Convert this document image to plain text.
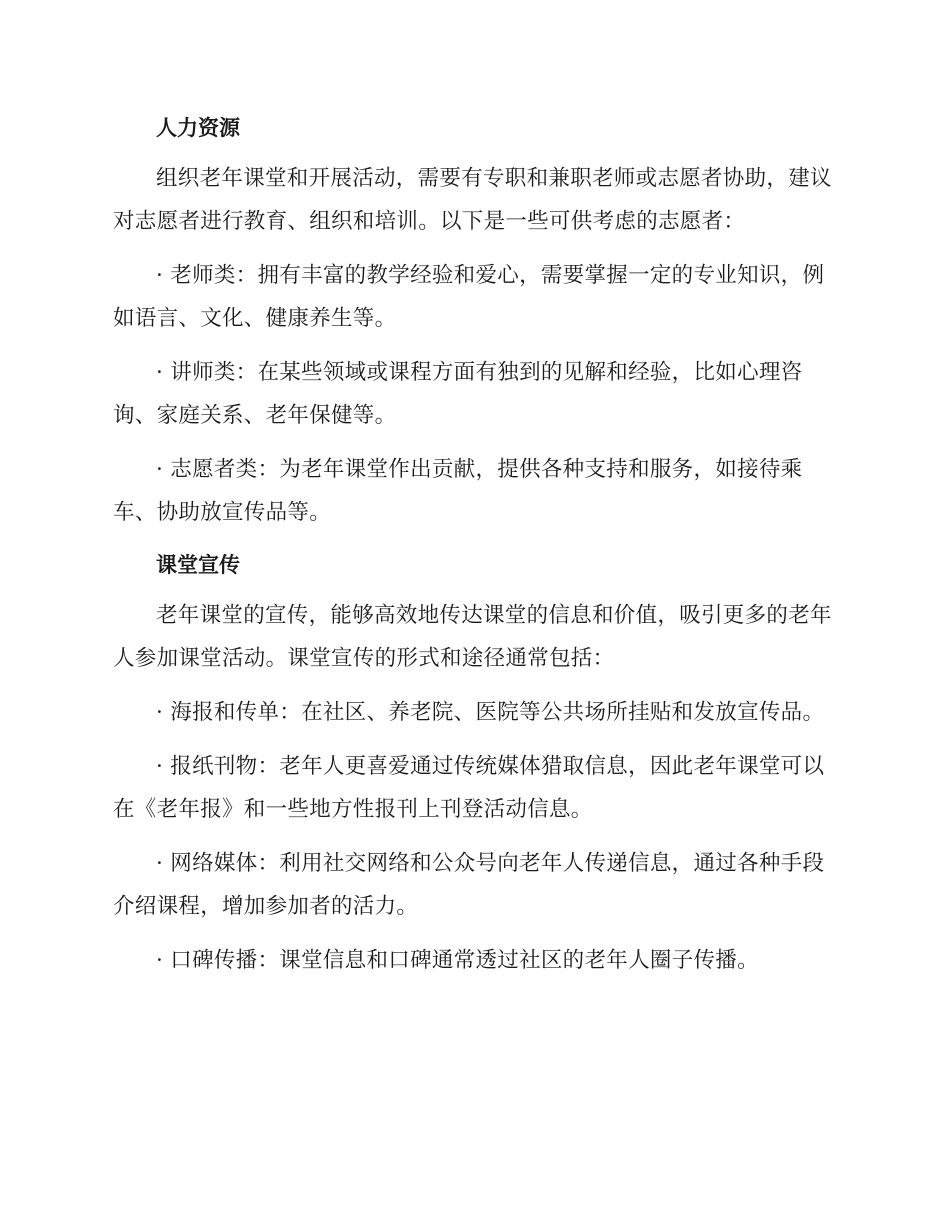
人力资源

组织老年课堂和开展活动，需要有专职和兼职老师或志愿者协助，建议对志愿者进行教育、组织和培训。以下是一些可供考虑的志愿者：

· 老师类：拥有丰富的教学经验和爱心，需要掌握一定的专业知识，例如语言、文化、健康养生等。

· 讲师类：在某些领域或课程方面有独到的见解和经验，比如心理咨询、家庭关系、老年保健等。

· 志愿者类：为老年课堂作出贡献，提供各种支持和服务，如接待乘车、协助放宣传品等。

课堂宣传

老年课堂的宣传，能够高效地传达课堂的信息和价值，吸引更多的老年人参加课堂活动。课堂宣传的形式和途径通常包括：

· 海报和传单：在社区、养老院、医院等公共场所挂贴和发放宣传品。

· 报纸刊物：老年人更喜爱通过传统媒体猎取信息，因此老年课堂可以在《老年报》和一些地方性报刊上刊登活动信息。

· 网络媒体：利用社交网络和公众号向老年人传递信息，通过各种手段介绍课程，增加参加者的活力。

· 口碑传播：课堂信息和口碑通常透过社区的老年人圈子传播。
